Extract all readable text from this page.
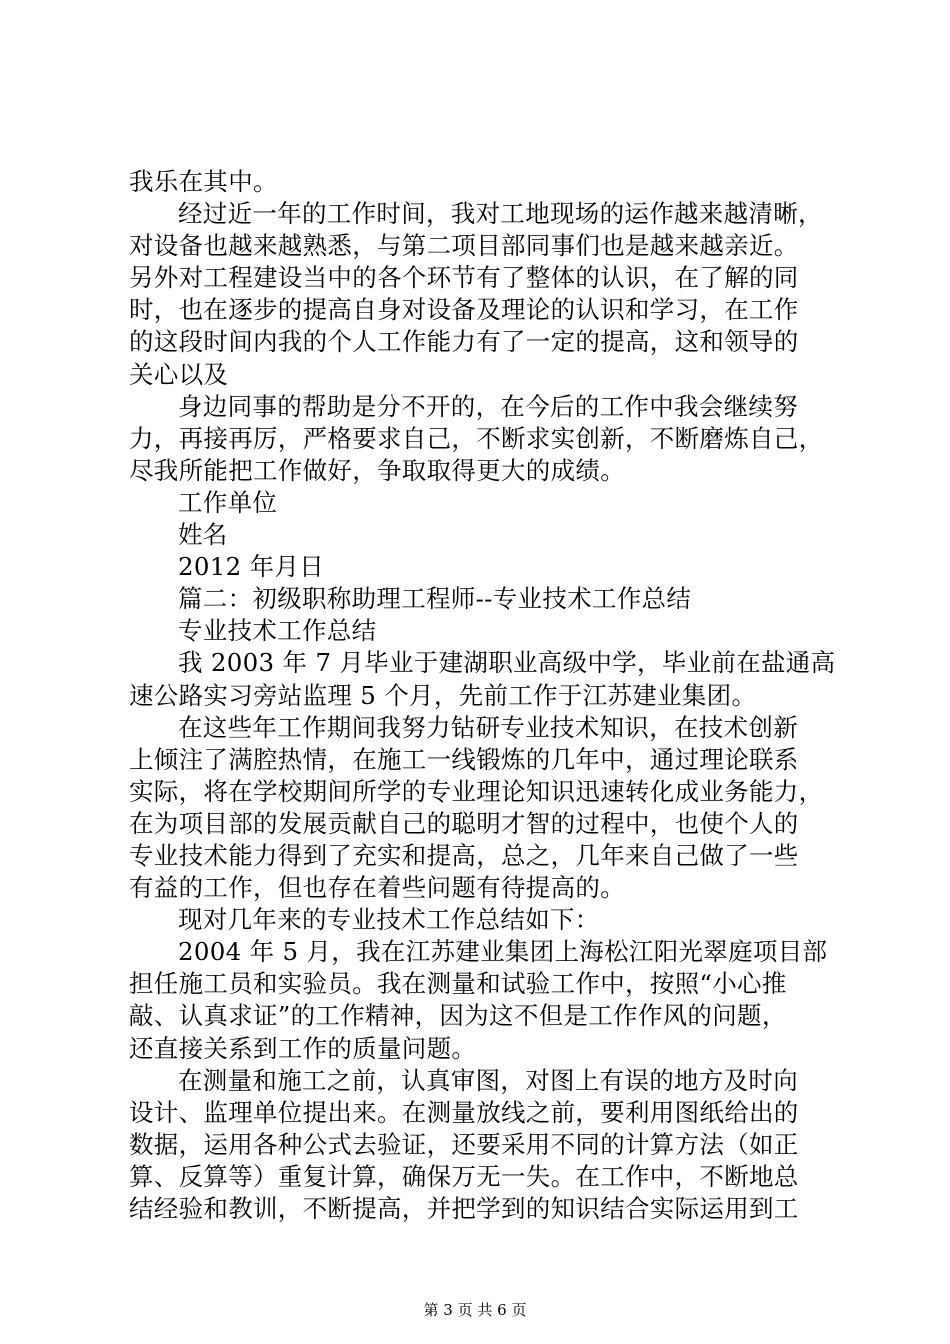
我乐在其中。
经过近一年的工作时间，我对工地现场的运作越来越清晰，
对设备也越来越熟悉，与第二项目部同事们也是越来越亲近。
另外对工程建设当中的各个环节有了整体的认识，在了解的同
时，也在逐步的提高自身对设备及理论的认识和学习，在工作
的这段时间内我的个人工作能力有了一定的提高，这和领导的
关心以及
身边同事的帮助是分不开的，在今后的工作中我会继续努
力，再接再厉，严格要求自己，不断求实创新，不断磨炼自己，
尽我所能把工作做好，争取取得更大的成绩。
工作单位
姓名
2012 年月日
篇二：初级职称助理工程师--专业技术工作总结
专业技术工作总结
我 2003 年 7 月毕业于建湖职业高级中学，毕业前在盐通高
速公路实习旁站监理 5 个月，先前工作于江苏建业集团。
在这些年工作期间我努力钻研专业技术知识，在技术创新
上倾注了满腔热情，在施工一线锻炼的几年中，通过理论联系
实际，将在学校期间所学的专业理论知识迅速转化成业务能力，
在为项目部的发展贡献自己的聪明才智的过程中，也使个人的
专业技术能力得到了充实和提高，总之，几年来自己做了一些
有益的工作，但也存在着些问题有待提高的。
现对几年来的专业技术工作总结如下：
2004 年 5 月，我在江苏建业集团上海松江阳光翠庭项目部
担任施工员和实验员。我在测量和试验工作中，按照“小心推
敲、认真求证”的工作精神，因为这不但是工作作风的问题，
还直接关系到工作的质量问题。
在测量和施工之前，认真审图，对图上有误的地方及时向
设计、监理单位提出来。在测量放线之前，要利用图纸给出的
数据，运用各种公式去验证，还要采用不同的计算方法（如正
算、反算等）重复计算，确保万无一失。在工作中，不断地总
结经验和教训，不断提高，并把学到的知识结合实际运用到工
第 3 页 共 6 页
